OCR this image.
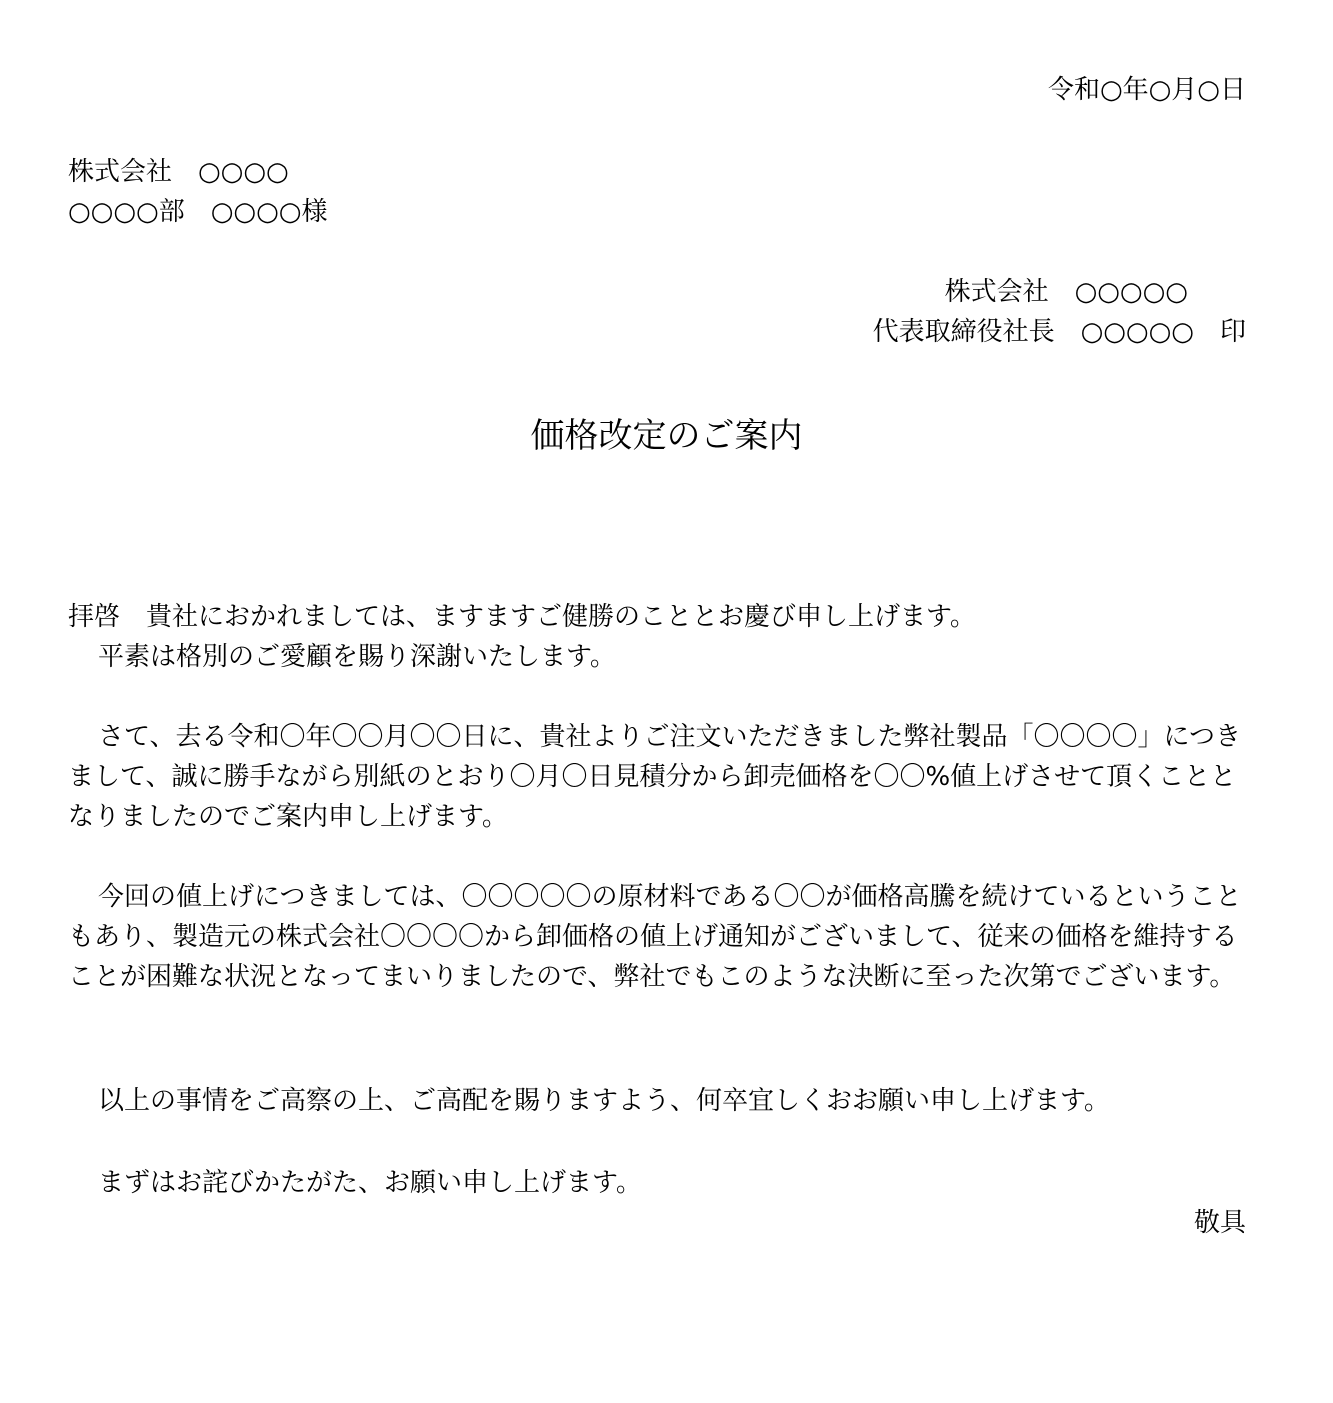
令和○年○月○日
株式会社　○○○○
○○○○部　○○○○様
株式会社　○○○○○
代表取締役社長　○○○○○　印
価格改定のご案内
拝啓　貴社におかれましては、ますますご健勝のこととお慶び申し上げます。
平素は格別のご愛顧を賜り深謝いたします。
さて、去る令和〇年〇〇月〇〇日に、貴社よりご注文いただきました弊社製品「〇〇〇〇」につきまして、誠に勝手ながら別紙のとおり〇月〇日見積分から卸売価格を〇〇%値上げさせて頂くこととなりましたのでご案内申し上げます。
今回の値上げにつきましては、〇〇〇〇〇の原材料である〇〇が価格高騰を続けているということもあり、製造元の株式会社〇〇〇〇から卸価格の値上げ通知がございまして、従来の価格を維持することが困難な状況となってまいりましたので、弊社でもこのような決断に至った次第でございます。
以上の事情をご高察の上、ご高配を賜りますよう、何卒宜しくおお願い申し上げます。
まずはお詫びかたがた、お願い申し上げます。
敬具
